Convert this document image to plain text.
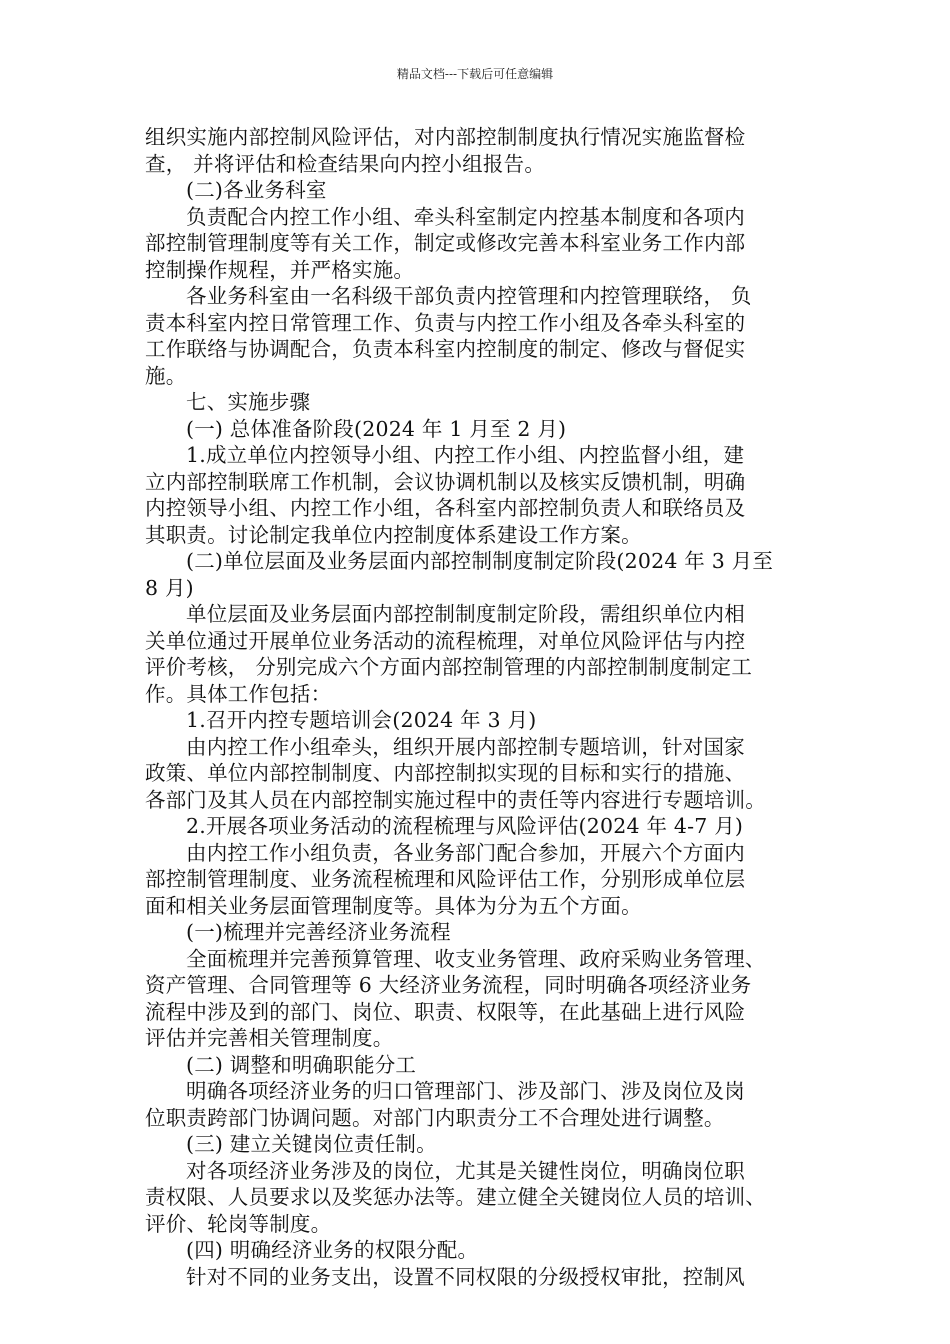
精品文档---下载后可任意编辑
组织实施内部控制风险评估，对内部控制制度执行情况实施监督检
查， 并将评估和检查结果向内控小组报告。
(二)各业务科室
负责配合内控工作小组、牵头科室制定内控基本制度和各项内
部控制管理制度等有关工作，制定或修改完善本科室业务工作内部
控制操作规程，并严格实施。
各业务科室由一名科级干部负责内控管理和内控管理联络， 负
责本科室内控日常管理工作、负责与内控工作小组及各牵头科室的
工作联络与协调配合，负责本科室内控制度的制定、修改与督促实
施。
七、实施步骤
(一) 总体准备阶段(2024 年 1 月至 2 月)
1.成立单位内控领导小组、内控工作小组、内控监督小组，建
立内部控制联席工作机制，会议协调机制以及核实反馈机制，明确
内控领导小组、内控工作小组，各科室内部控制负责人和联络员及
其职责。讨论制定我单位内控制度体系建设工作方案。
(二)单位层面及业务层面内部控制制度制定阶段(2024 年 3 月至
8 月)
单位层面及业务层面内部控制制度制定阶段，需组织单位内相
关单位通过开展单位业务活动的流程梳理，对单位风险评估与内控
评价考核， 分别完成六个方面内部控制管理的内部控制制度制定工
作。具体工作包括：
1.召开内控专题培训会(2024 年 3 月)
由内控工作小组牵头，组织开展内部控制专题培训，针对国家
政策、单位内部控制制度、内部控制拟实现的目标和实行的措施、
各部门及其人员在内部控制实施过程中的责任等内容进行专题培训。
2.开展各项业务活动的流程梳理与风险评估(2024 年 4-7 月)
由内控工作小组负责，各业务部门配合参加，开展六个方面内
部控制管理制度、业务流程梳理和风险评估工作，分别形成单位层
面和相关业务层面管理制度等。具体为分为五个方面。
(一)梳理并完善经济业务流程
全面梳理并完善预算管理、收支业务管理、政府采购业务管理、
资产管理、合同管理等 6 大经济业务流程，同时明确各项经济业务
流程中涉及到的部门、岗位、职责、权限等，在此基础上进行风险
评估并完善相关管理制度。
(二) 调整和明确职能分工
明确各项经济业务的归口管理部门、涉及部门、涉及岗位及岗
位职责跨部门协调问题。对部门内职责分工不合理处进行调整。
(三) 建立关键岗位责任制。
对各项经济业务涉及的岗位，尤其是关键性岗位，明确岗位职
责权限、人员要求以及奖惩办法等。建立健全关键岗位人员的培训、
评价、轮岗等制度。
(四) 明确经济业务的权限分配。
针对不同的业务支出，设置不同权限的分级授权审批，控制风
